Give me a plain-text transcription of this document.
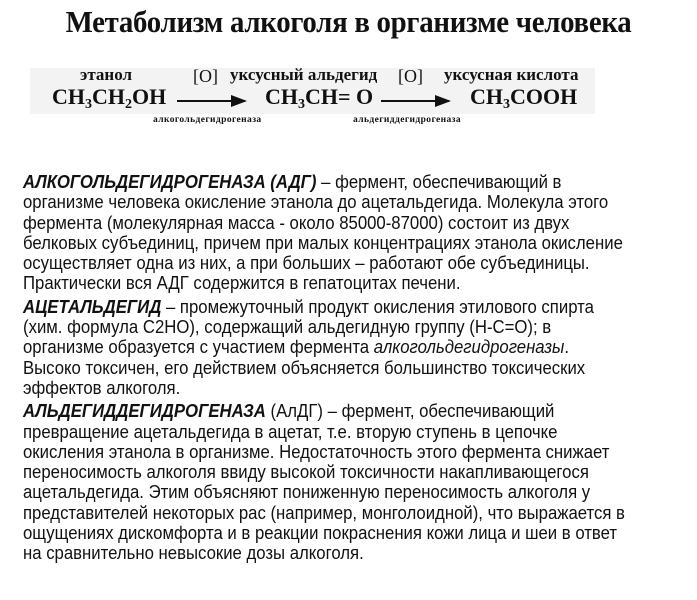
Метаболизм алкоголя в организме человека
этанол
$CH_3CH_2OH$
[O]
алкогольдегидрогеназа
уксусный альдегид
$CH_3CH= O$
[O]
альдегиддегидрогеназа
уксусная кислота
$CH_3COOH$

АЛКОГОЛЬДЕГИДРОГЕНАЗА (АДГ) – фермент, обеспечивающий в организме человека окисление этанола до ацетальдегида. Молекула этого фермента (молекулярная масса - около 85000-87000) состоит из двух белковых субъединиц, причем при малых концентрациях этанола окисление осуществляет одна из них, а при больших – работают обе субъединицы. Практически вся АДГ содержится в гепатоцитах печени.

АЦЕТАЛЬДЕГИД – промежуточный продукт окисления этилового спирта (хим. формула С2НО), содержащий альдегидную группу (Н-С=О); в организме образуется с участием фермента алкогольдегидрогеназы. Высоко токсичен, его действием объясняется большинство токсических эффектов алкоголя.

АЛЬДЕГИДДЕГИДРОГЕНАЗА (АлДГ) – фермент, обеспечивающий превращение ацетальдегида в ацетат, т.е. вторую ступень в цепочке окисления этанола в организме. Недостаточность этого фермента снижает переносимость алкоголя ввиду высокой токсичности накапливающегося ацетальдегида. Этим объясняют пониженную переносимость алкоголя у представителей некоторых рас (например, монголоидной), что выражается в ощущениях дискомфорта и в реакции покраснения кожи лица и шеи в ответ на сравнительно невысокие дозы алкоголя.
